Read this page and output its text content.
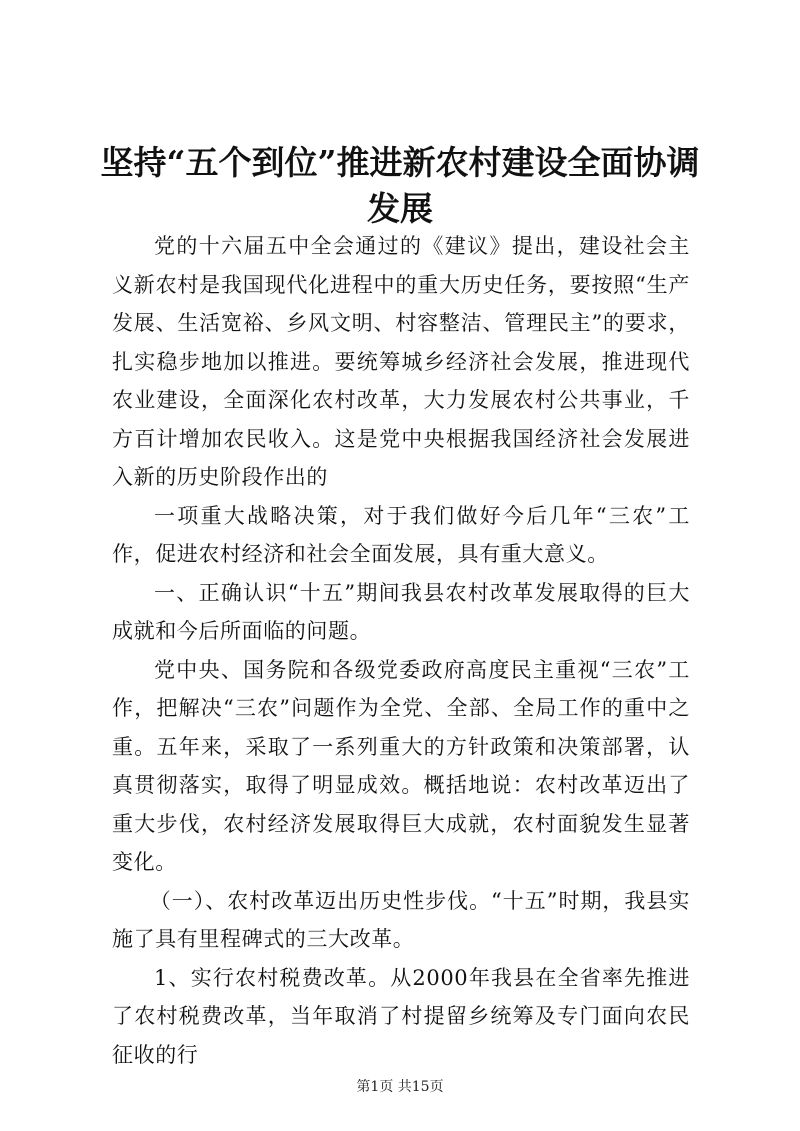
坚持“五个到位”推进新农村建设全面协调发展

党的十六届五中全会通过的《建议》提出，建设社会主义新农村是我国现代化进程中的重大历史任务，要按照“生产发展、生活宽裕、乡风文明、村容整洁、管理民主”的要求，扎实稳步地加以推进。要统筹城乡经济社会发展，推进现代农业建设，全面深化农村改革，大力发展农村公共事业，千方百计增加农民收入。这是党中央根据我国经济社会发展进入新的历史阶段作出的

一项重大战略决策，对于我们做好今后几年“三农”工作，促进农村经济和社会全面发展，具有重大意义。

一、正确认识“十五”期间我县农村改革发展取得的巨大成就和今后所面临的问题。

党中央、国务院和各级党委政府高度民主重视“三农”工作，把解决“三农”问题作为全党、全部、全局工作的重中之重。五年来，采取了一系列重大的方针政策和决策部署，认真贯彻落实，取得了明显成效。概括地说：农村改革迈出了重大步伐，农村经济发展取得巨大成就，农村面貌发生显著变化。

（一）、农村改革迈出历史性步伐。“十五”时期，我县实施了具有里程碑式的三大改革。

1、实行农村税费改革。从2000年我县在全省率先推进了农村税费改革，当年取消了村提留乡统筹及专门面向农民征收的行

第1页 共15页
